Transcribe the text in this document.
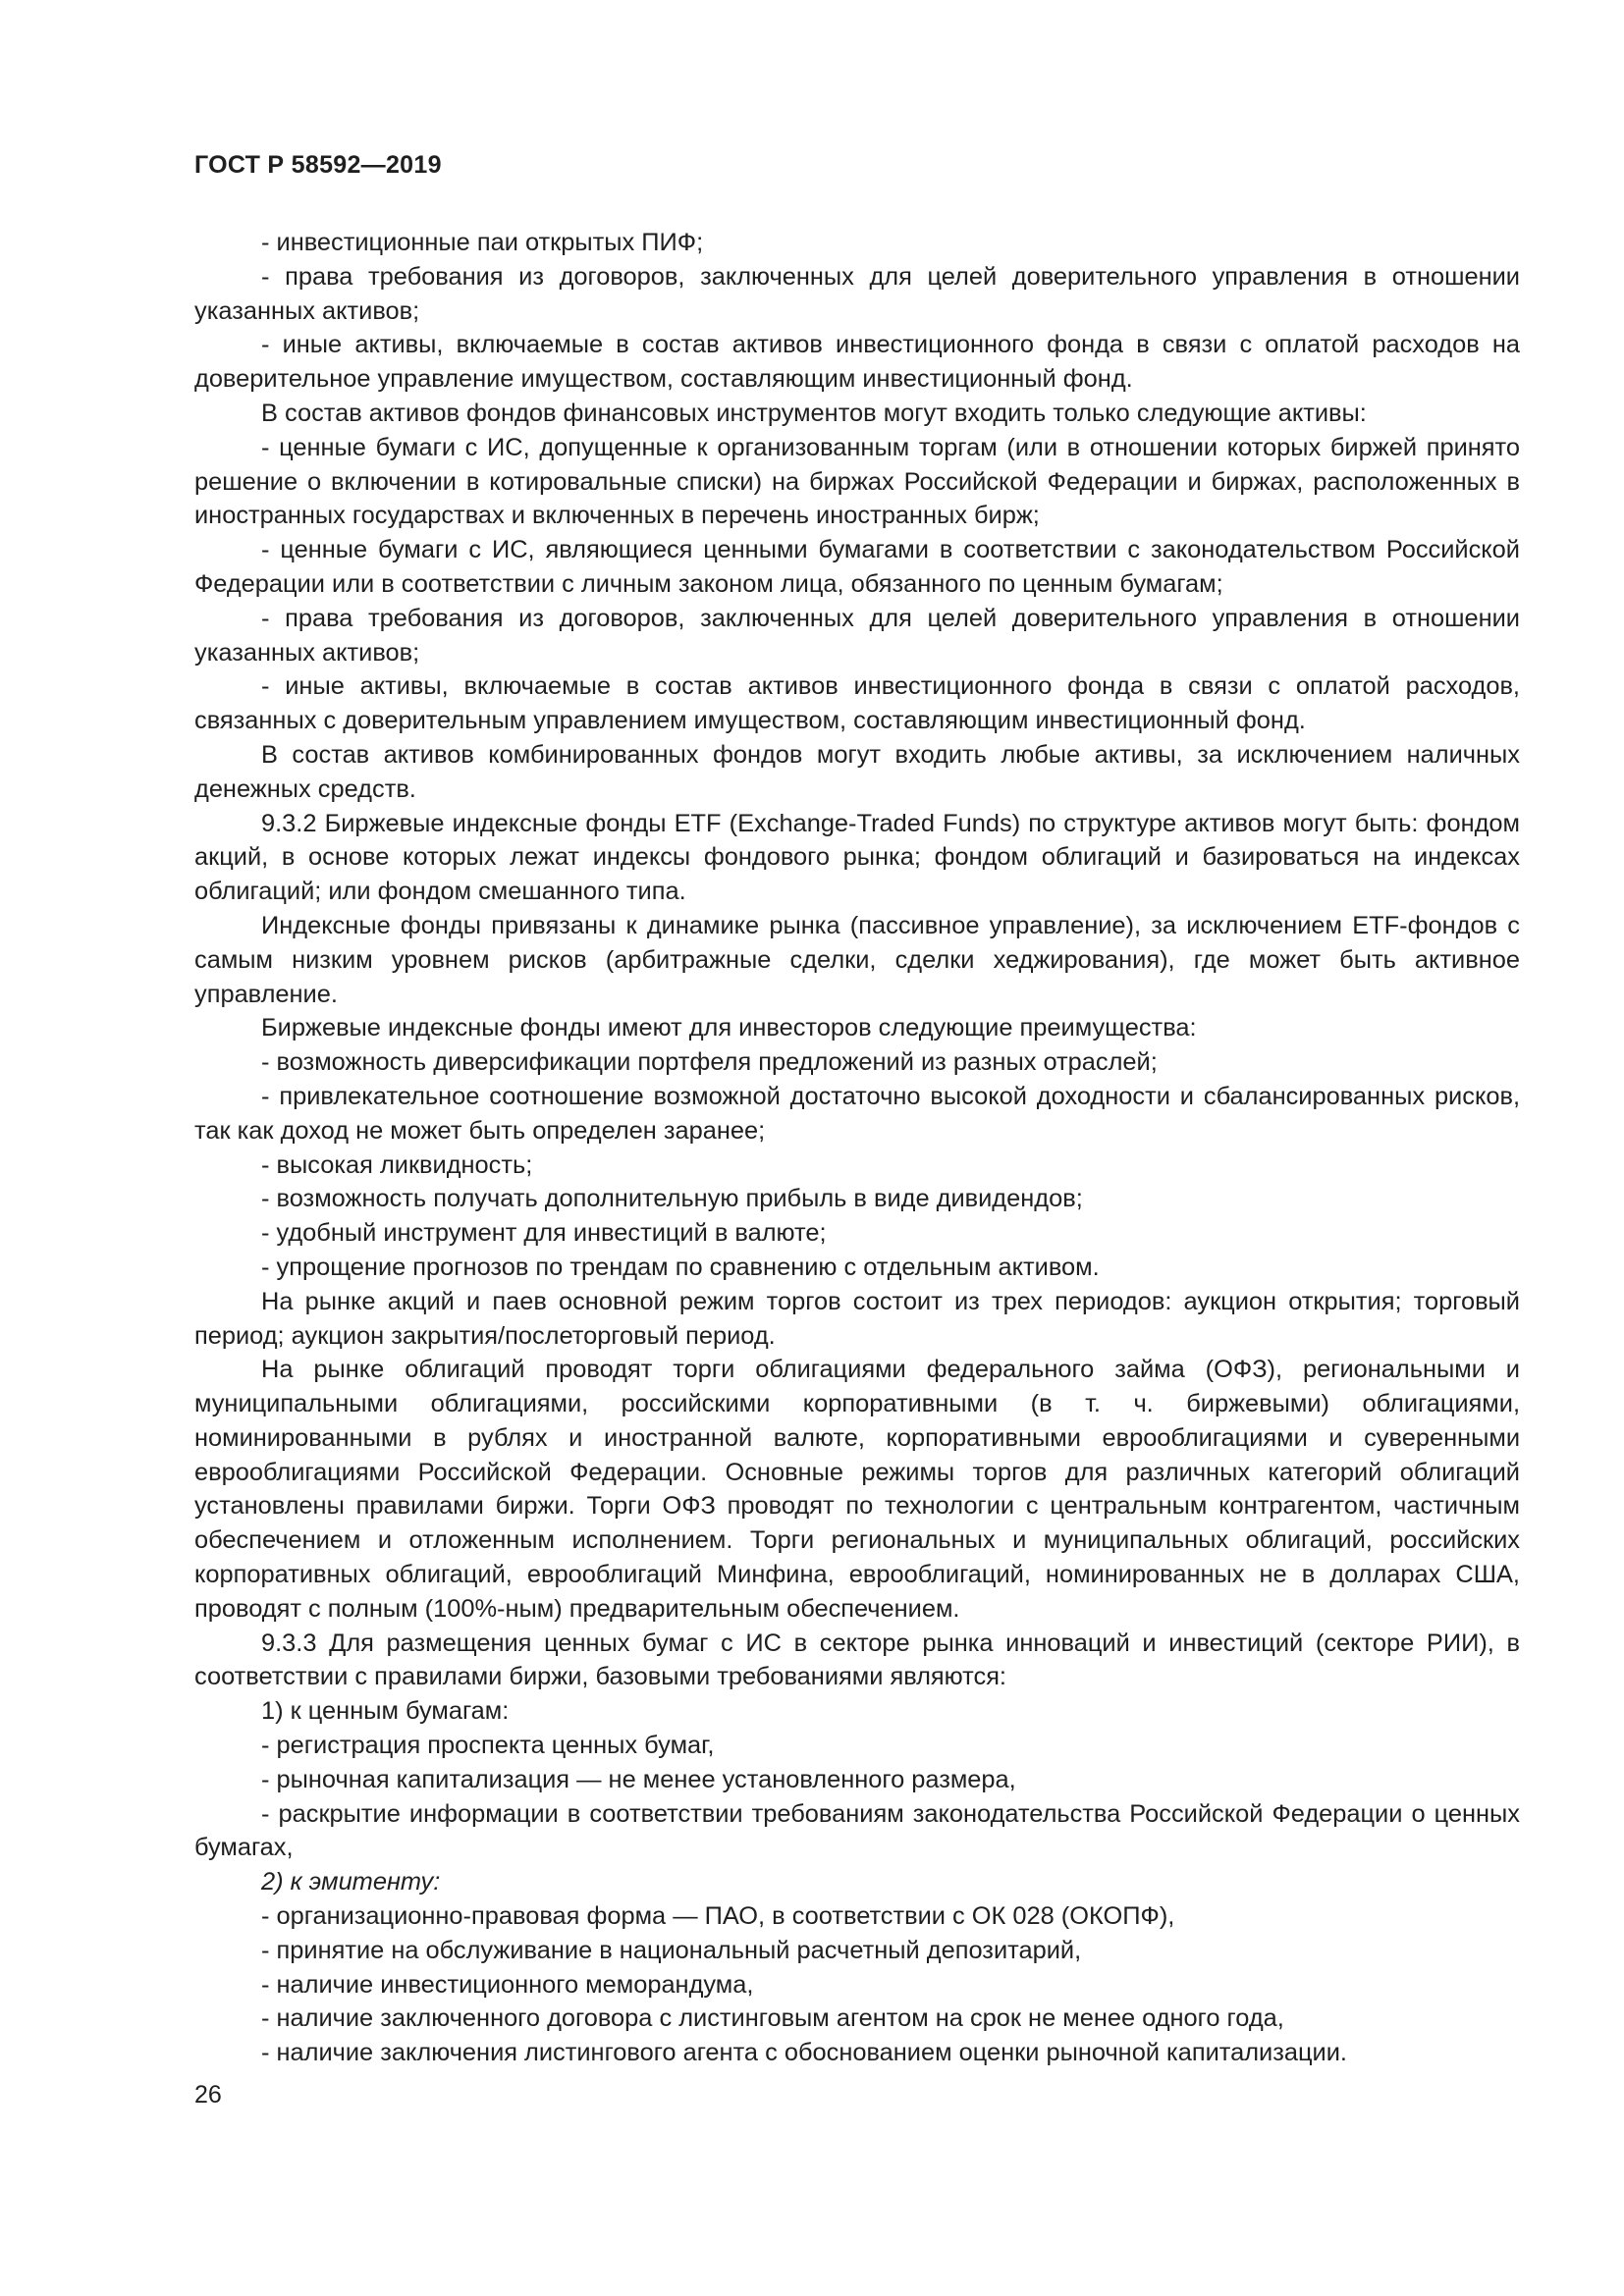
ГОСТ Р 58592—2019

- инвестиционные паи открытых ПИФ;

- права требования из договоров, заключенных для целей доверительного управления в отношении указанных активов;

- иные активы, включаемые в состав активов инвестиционного фонда в связи с оплатой расходов на доверительное управление имуществом, составляющим инвестиционный фонд.

В состав активов фондов финансовых инструментов могут входить только следующие активы:

- ценные бумаги с ИС, допущенные к организованным торгам (или в отношении которых биржей принято решение о включении в котировальные списки) на биржах Российской Федерации и биржах, расположенных в иностранных государствах и включенных в перечень иностранных бирж;

- ценные бумаги с ИС, являющиеся ценными бумагами в соответствии с законодательством Российской Федерации или в соответствии с личным законом лица, обязанного по ценным бумагам;

- права требования из договоров, заключенных для целей доверительного управления в отношении указанных активов;

- иные активы, включаемые в состав активов инвестиционного фонда в связи с оплатой расходов, связанных с доверительным управлением имуществом, составляющим инвестиционный фонд.

В состав активов комбинированных фондов могут входить любые активы, за исключением наличных денежных средств.

9.3.2 Биржевые индексные фонды ETF (Exchange-Traded Funds) по структуре активов могут быть: фондом акций, в основе которых лежат индексы фондового рынка; фондом облигаций и базироваться на индексах облигаций; или фондом смешанного типа.

Индексные фонды привязаны к динамике рынка (пассивное управление), за исключением ETF-фондов с самым низким уровнем рисков (арбитражные сделки, сделки хеджирования), где может быть активное управление.

Биржевые индексные фонды имеют для инвесторов следующие преимущества:

- возможность диверсификации портфеля предложений из разных отраслей;

- привлекательное соотношение возможной достаточно высокой доходности и сбалансированных рисков, так как доход не может быть определен заранее;

- высокая ликвидность;

- возможность получать дополнительную прибыль в виде дивидендов;

- удобный инструмент для инвестиций в валюте;

- упрощение прогнозов по трендам по сравнению с отдельным активом.

На рынке акций и паев основной режим торгов состоит из трех периодов: аукцион открытия; торговый период; аукцион закрытия/послеторговый период.

На рынке облигаций проводят торги облигациями федерального займа (ОФЗ), региональными и муниципальными облигациями, российскими корпоративными (в т. ч. биржевыми) облигациями, номинированными в рублях и иностранной валюте, корпоративными еврооблигациями и суверенными еврооблигациями Российской Федерации. Основные режимы торгов для различных категорий облигаций установлены правилами биржи. Торги ОФЗ проводят по технологии с центральным контрагентом, частичным обеспечением и отложенным исполнением. Торги региональных и муниципальных облигаций, российских корпоративных облигаций, еврооблигаций Минфина, еврооблигаций, номинированных не в долларах США, проводят с полным (100%-ным) предварительным обеспечением.

9.3.3 Для размещения ценных бумаг с ИС в секторе рынка инноваций и инвестиций (секторе РИИ), в соответствии с правилами биржи, базовыми требованиями являются:

1) к ценным бумагам:

- регистрация проспекта ценных бумаг,

- рыночная капитализация — не менее установленного размера,

- раскрытие информации в соответствии требованиям законодательства Российской Федерации о ценных бумагах,

2) к эмитенту:

- организационно-правовая форма — ПАО, в соответствии с ОК 028 (ОКОПФ),

- принятие на обслуживание в национальный расчетный депозитарий,

- наличие инвестиционного меморандума,

- наличие заключенного договора с листинговым агентом на срок не менее одного года,

- наличие заключения листингового агента с обоснованием оценки рыночной капитализации.

26
